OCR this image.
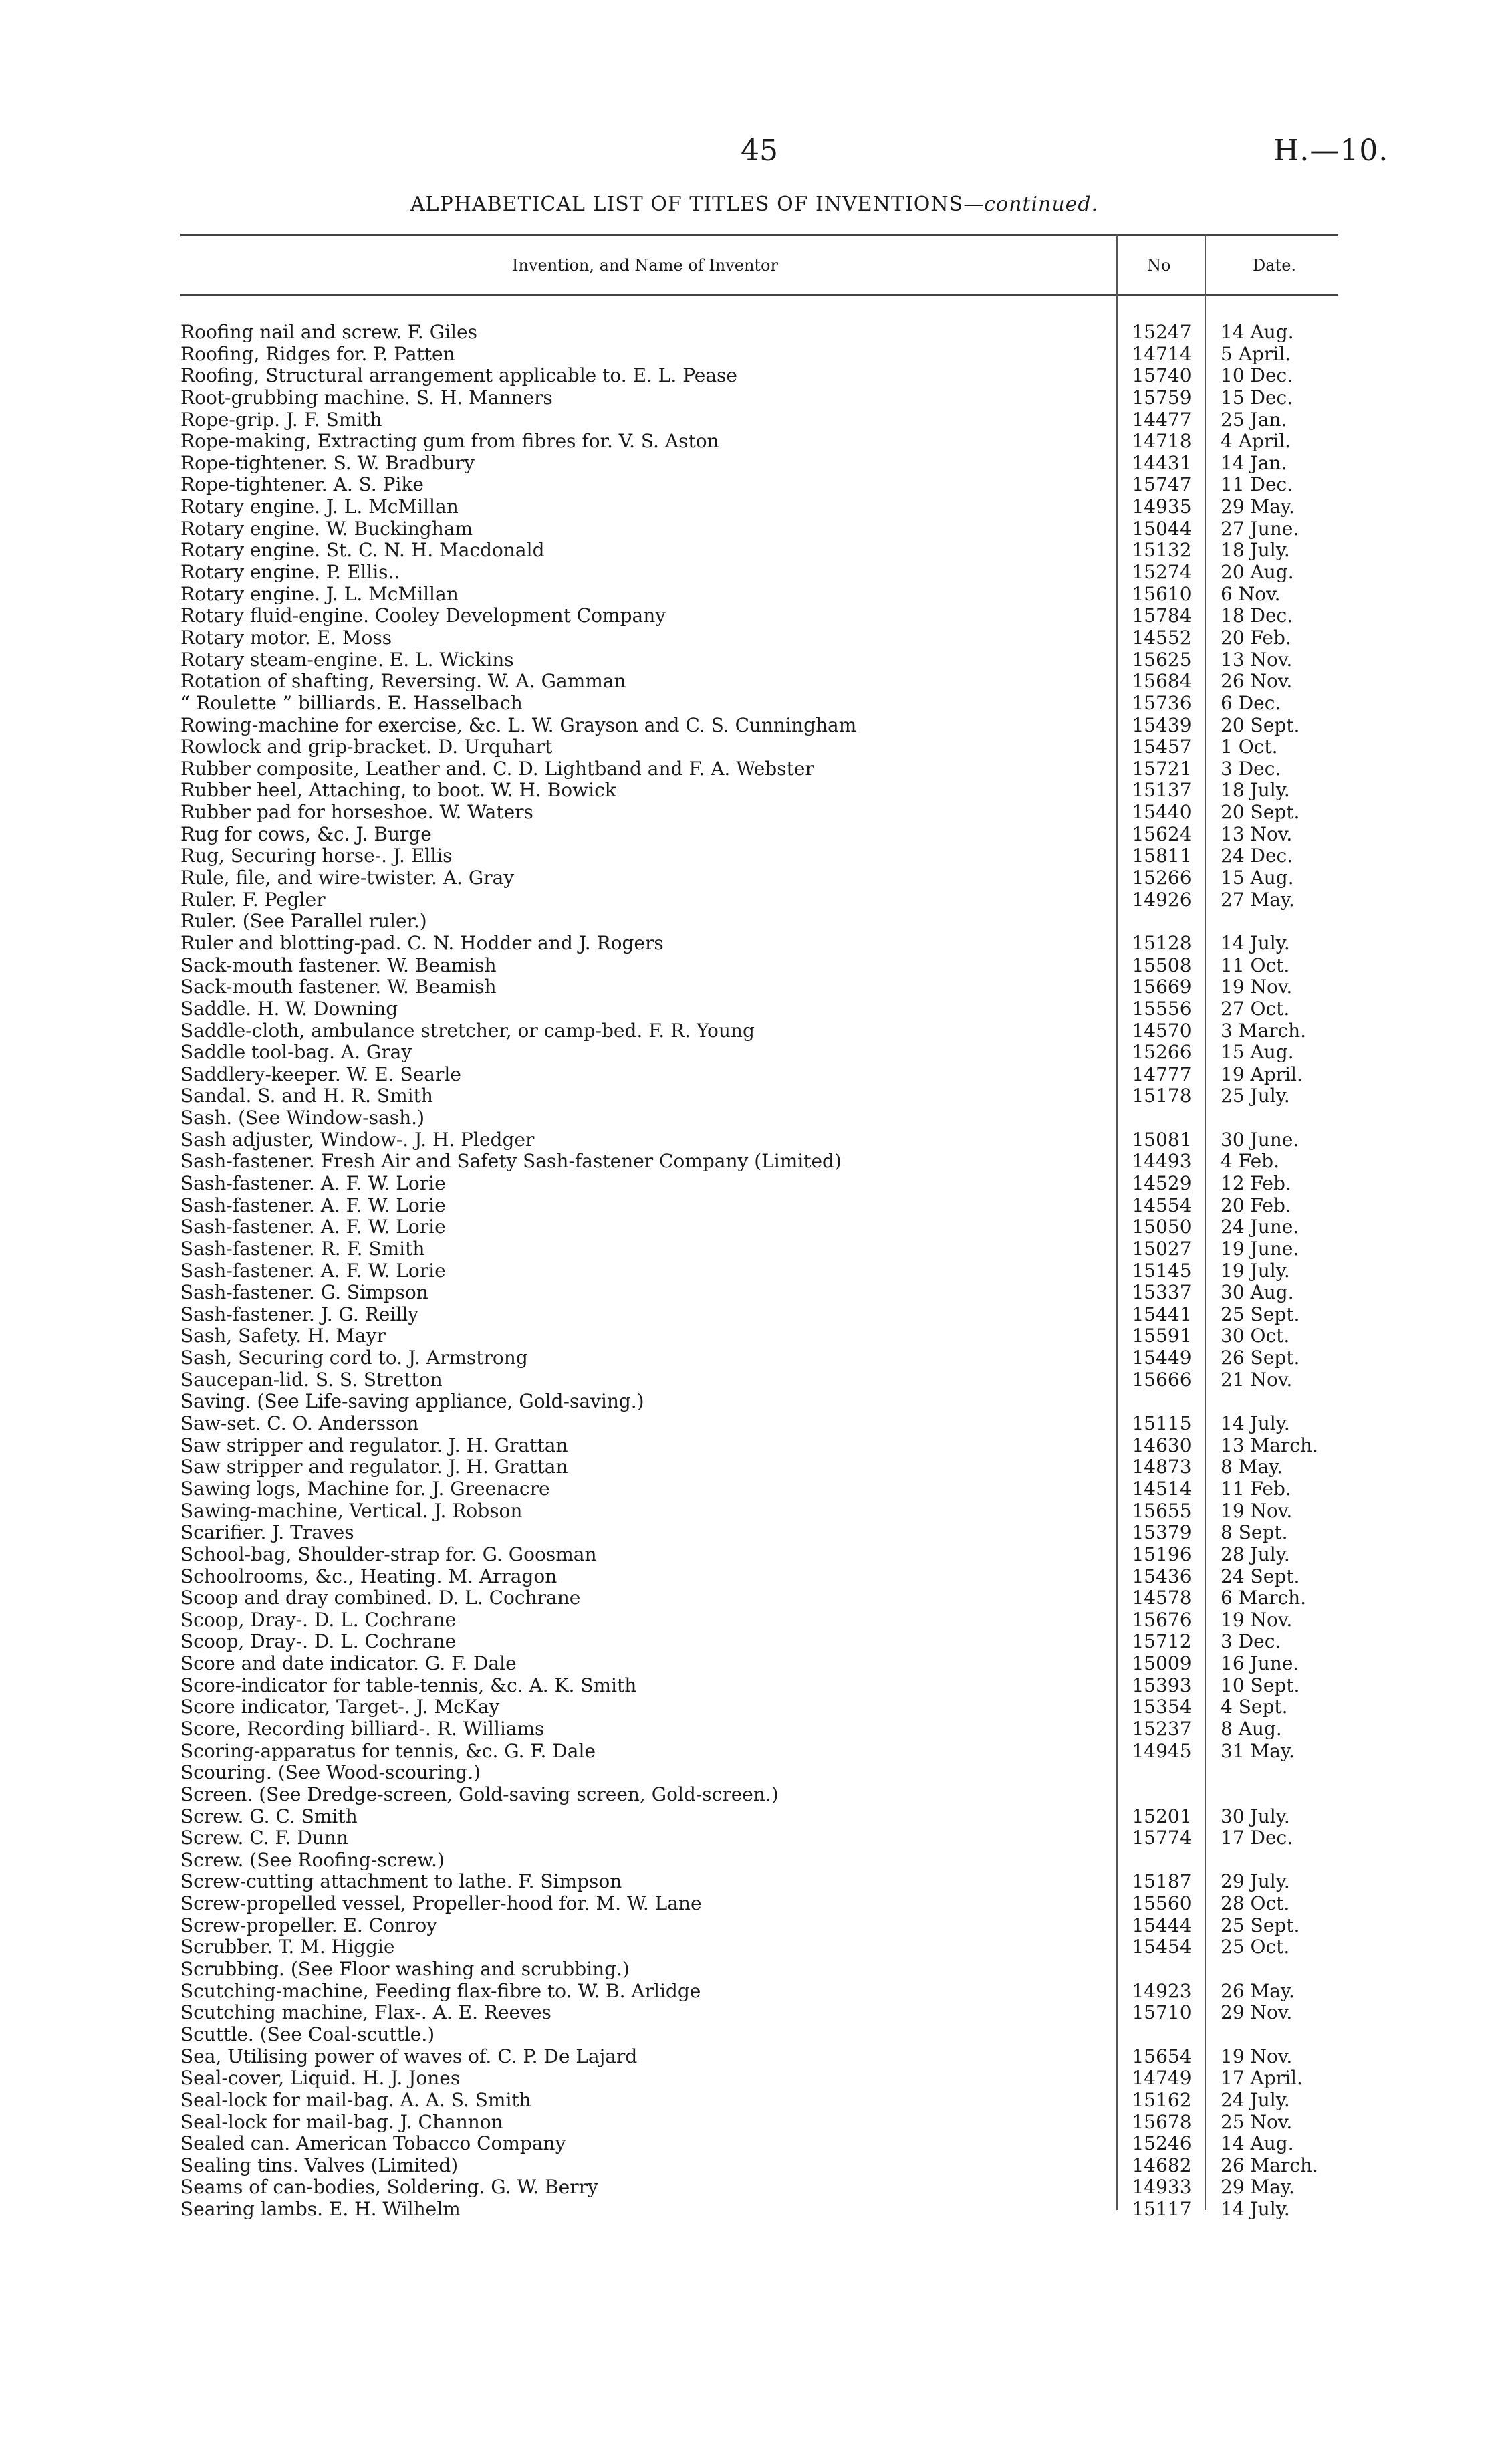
45	H.—10.
ALPHABETICAL LIST OF TITLES OF INVENTIONS—continued.
Invention, and Name of Inventor	No	Date.
Roofing nail and screw. F. Giles	15247 14 Aug.
Roofing, Ridges for. P. Patten	14714 5 April.
Roofing, Structural arrangement applicable to. E. L. Pease	15740 10 Dec.
Root-grubbing machine. S. H. Manners	15759 15 Dec.
Rope-grip. J. F. Smith	14477 25 Jan.
Rope-making, Extracting gum from fibres for. V. S. Aston	14718 4 April.
Rope-tightener. S. W. Bradbury	14431 14 Jan.
Rope-tightener. A. S. Pike	15747 11 Dec.
Rotary engine. J. L. McMillan	14935 29 May.
Rotary engine. W. Buckingham	15044 27 June.
Rotary engine. St. C. N. H. Macdonald	15132 18 July.
Rotary engine. P. Ellis..	15274 20 Aug.
Rotary engine. J. L. McMillan	15610 6 Nov.
Rotary fluid-engine. Cooley Development Company	15784 18 Dec.
Rotary motor. E. Moss	14552 20 Feb.
Rotary steam-engine. E. L. Wickins	15625 13 Nov.
Rotation of shafting, Reversing. W. A. Gamman	15684 26 Nov.
“ Roulette ” billiards. E. Hasselbach	15736 6 Dec.
Rowing-machine for exercise, &c. L. W. Grayson and C. S. Cunningham	15439 20 Sept.
Rowlock and grip-bracket. D. Urquhart	15457 1 Oct.
Rubber composite, Leather and. C. D. Lightband and F. A. Webster	15721 3 Dec.
Rubber heel, Attaching, to boot. W. H. Bowick	15137 18 July.
Rubber pad for horseshoe. W. Waters	15440 20 Sept.
Rug for cows, &c. J. Burge	15624 13 Nov.
Rug, Securing horse-. J. Ellis	15811 24 Dec.
Rule, file, and wire-twister. A. Gray	15266 15 Aug.
Ruler. F. Pegler	14926 27 May.
Ruler. (See Parallel ruler.)
Ruler and blotting-pad. C. N. Hodder and J. Rogers	15128 14 July.
Sack-mouth fastener. W. Beamish	15508 11 Oct.
Sack-mouth fastener. W. Beamish	15669 19 Nov.
Saddle. H. W. Downing	15556 27 Oct.
Saddle-cloth, ambulance stretcher, or camp-bed. F. R. Young	14570 3 March.
Saddle tool-bag. A. Gray	15266 15 Aug.
Saddlery-keeper. W. E. Searle	14777 19 April.
Sandal. S. and H. R. Smith	15178 25 July.
Sash. (See Window-sash.)
Sash adjuster, Window-. J. H. Pledger	15081 30 June.
Sash-fastener. Fresh Air and Safety Sash-fastener Company (Limited)	14493 4 Feb.
Sash-fastener. A. F. W. Lorie	14529 12 Feb.
Sash-fastener. A. F. W. Lorie	14554 20 Feb.
Sash-fastener. A. F. W. Lorie	15050 24 June.
Sash-fastener. R. F. Smith	15027 19 June.
Sash-fastener. A. F. W. Lorie	15145 19 July.
Sash-fastener. G. Simpson	15337 30 Aug.
Sash-fastener. J. G. Reilly	15441 25 Sept.
Sash, Safety. H. Mayr	15591 30 Oct.
Sash, Securing cord to. J. Armstrong	15449 26 Sept.
Saucepan-lid. S. S. Stretton	15666 21 Nov.
Saving. (See Life-saving appliance, Gold-saving.)
Saw-set. C. O. Andersson	15115 14 July.
Saw stripper and regulator. J. H. Grattan	14630 13 March.
Saw stripper and regulator. J. H. Grattan	14873 8 May.
Sawing logs, Machine for. J. Greenacre	14514 11 Feb.
Sawing-machine, Vertical. J. Robson	15655 19 Nov.
Scarifier. J. Traves	15379 8 Sept.
School-bag, Shoulder-strap for. G. Goosman	15196 28 July.
Schoolrooms, &c., Heating. M. Arragon	15436 24 Sept.
Scoop and dray combined. D. L. Cochrane	14578 6 March.
Scoop, Dray-. D. L. Cochrane	15676 19 Nov.
Scoop, Dray-. D. L. Cochrane	15712 3 Dec.
Score and date indicator. G. F. Dale	15009 16 June.
Score-indicator for table-tennis, &c. A. K. Smith	15393 10 Sept.
Score indicator, Target-. J. McKay	15354 4 Sept.
Score, Recording billiard-. R. Williams	15237 8 Aug.
Scoring-apparatus for tennis, &c. G. F. Dale	14945 31 May.
Scouring. (See Wood-scouring.)
Screen. (See Dredge-screen, Gold-saving screen, Gold-screen.)
Screw. G. C. Smith	15201 30 July.
Screw. C. F. Dunn	15774 17 Dec.
Screw. (See Roofing-screw.)
Screw-cutting attachment to lathe. F. Simpson	15187 29 July.
Screw-propelled vessel, Propeller-hood for. M. W. Lane	15560 28 Oct.
Screw-propeller. E. Conroy	15444 25 Sept.
Scrubber. T. M. Higgie	15454 25 Oct.
Scrubbing. (See Floor washing and scrubbing.)
Scutching-machine, Feeding flax-fibre to. W. B. Arlidge	14923 26 May.
Scutching machine, Flax-. A. E. Reeves	15710 29 Nov.
Scuttle. (See Coal-scuttle.)
Sea, Utilising power of waves of. C. P. De Lajard	15654 19 Nov.
Seal-cover, Liquid. H. J. Jones	14749 17 April.
Seal-lock for mail-bag. A. A. S. Smith	15162 24 July.
Seal-lock for mail-bag. J. Channon	15678 25 Nov.
Sealed can. American Tobacco Company	15246 14 Aug.
Sealing tins. Valves (Limited)	14682 26 March.
Seams of can-bodies, Soldering. G. W. Berry	14933 29 May.
Searing lambs. E. H. Wilhelm	15117 14 July.
